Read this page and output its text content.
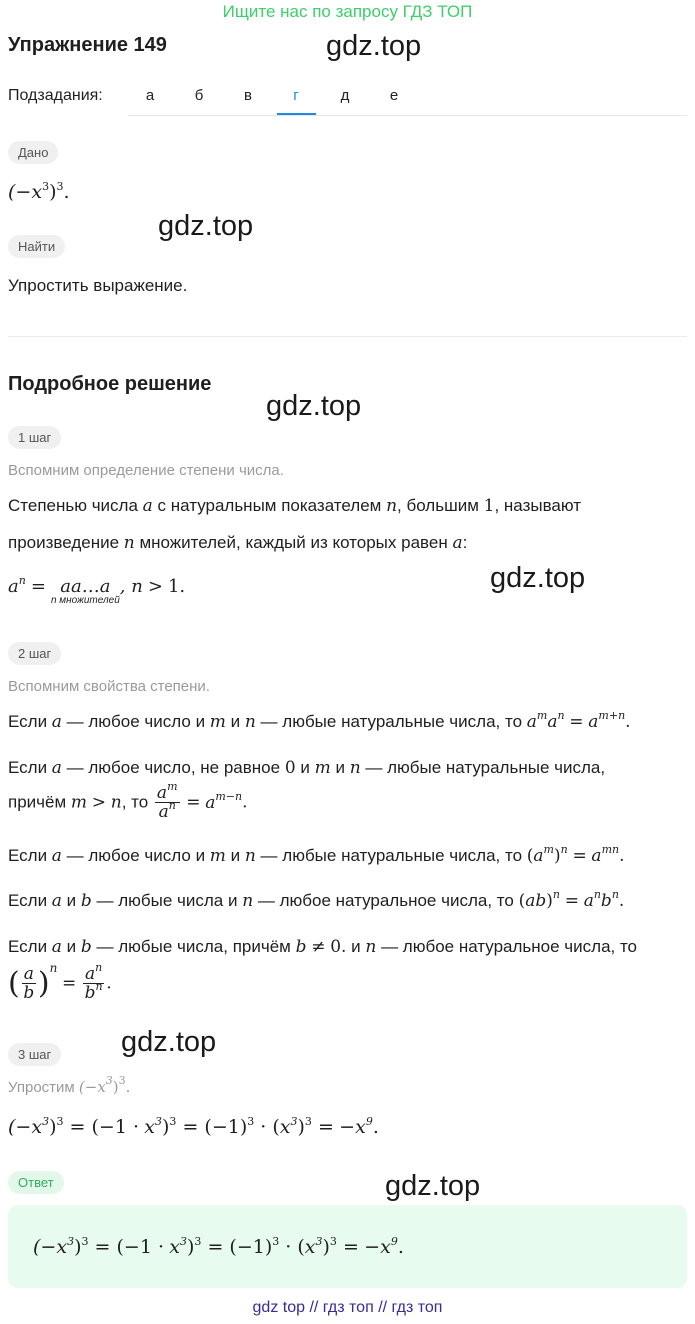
Ищите нас по запросу ГДЗ ТОП
Упражнение 149	gdz.top
gdz.top
gdz.top
gdz.top
gdz.top
gdz.top
Подзадания:	а	б	в	г	д	е
Дано
$(-x^3)^3$.
Найти
Упростить выражение.
Подробное решение
1 шаг
Вспомним определение степени числа.
Степенью числа a с натуральным показателем n, большим 1, называют
произведение n множителей, каждый из которых равен a:
$a^n$ = aa…a
n множителей
, n > 1.
2 шаг
Вспомним свойства степени.
Если a — любое число и m и n — любые натуральные числа, то $a^ma^n = a^{m+n}$.
Если a — любое число, не равное 0 и m и n — любые натуральные числа,
причём m > n, то $\frac{a^m}{a^n} = a^{m-n}$.
Если a — любое число и m и n — любые натуральные числа, то $(a^m)^n = a^{mn}$.
Если a и b — любые числа и n — любое натуральное числа, то $(ab)^n = a^nb^n$.
Если a и b — любые числа, причём b ≠ 0. и n — любое натуральное числа, то
( $\frac{a}{b} )^n = \frac{a^n}{b^n}$ .
3 шаг
Упростим $(-x^3)^3$.
$(-x^3)^3 = (-1 \cdot x^3)^3 = (-1)^3 \cdot (x^3)^3 = -x^9$.
Ответ
$(-x^3)^3 = (-1 \cdot x^3)^3 = (-1)^3 \cdot (x^3)^3 = -x^9$.
gdz top // гдз топ // гдз топ
